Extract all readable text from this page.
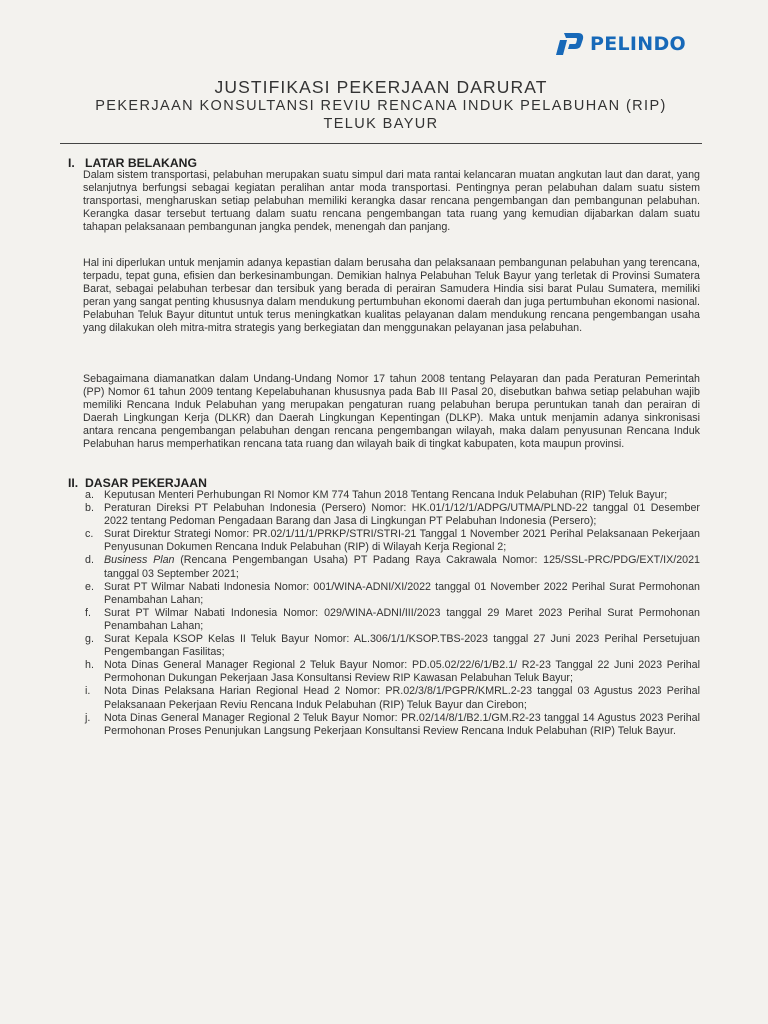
PELINDO
JUSTIFIKASI PEKERJAAN DARURAT
PEKERJAAN KONSULTANSI REVIU RENCANA INDUK PELABUHAN (RIP)
TELUK BAYUR
I. LATAR BELAKANG
Dalam sistem transportasi, pelabuhan merupakan suatu simpul dari mata rantai kelancaran muatan angkutan laut dan darat, yang selanjutnya berfungsi sebagai kegiatan peralihan antar moda transportasi. Pentingnya peran pelabuhan dalam suatu sistem transportasi, mengharuskan setiap pelabuhan memiliki kerangka dasar rencana pengembangan dan pembangunan pelabuhan. Kerangka dasar tersebut tertuang dalam suatu rencana pengembangan tata ruang yang kemudian dijabarkan dalam suatu tahapan pelaksanaan pembangunan jangka pendek, menengah dan panjang.
Hal ini diperlukan untuk menjamin adanya kepastian dalam berusaha dan pelaksanaan pembangunan pelabuhan yang terencana, terpadu, tepat guna, efisien dan berkesinambungan. Demikian halnya Pelabuhan Teluk Bayur yang terletak di Provinsi Sumatera Barat, sebagai pelabuhan terbesar dan tersibuk yang berada di perairan Samudera Hindia sisi barat Pulau Sumatera, memiliki peran yang sangat penting khususnya dalam mendukung pertumbuhan ekonomi daerah dan juga pertumbuhan ekonomi nasional. Pelabuhan Teluk Bayur dituntut untuk terus meningkatkan kualitas pelayanan dalam mendukung rencana pengembangan usaha yang dilakukan oleh mitra-mitra strategis yang berkegiatan dan menggunakan pelayanan jasa pelabuhan.
Sebagaimana diamanatkan dalam Undang-Undang Nomor 17 tahun 2008 tentang Pelayaran dan pada Peraturan Pemerintah (PP) Nomor 61 tahun 2009 tentang Kepelabuhanan khususnya pada Bab III Pasal 20, disebutkan bahwa setiap pelabuhan wajib memiliki Rencana Induk Pelabuhan yang merupakan pengaturan ruang pelabuhan berupa peruntukan tanah dan perairan di Daerah Lingkungan Kerja (DLKR) dan Daerah Lingkungan Kepentingan (DLKP). Maka untuk menjamin adanya sinkronisasi antara rencana pengembangan pelabuhan dengan rencana pengembangan wilayah, maka dalam penyusunan Rencana Induk Pelabuhan harus memperhatikan rencana tata ruang dan wilayah baik di tingkat kabupaten, kota maupun provinsi.
II. DASAR PEKERJAAN
a. Keputusan Menteri Perhubungan RI Nomor KM 774 Tahun 2018 Tentang Rencana Induk Pelabuhan (RIP) Teluk Bayur;
b. Peraturan Direksi PT Pelabuhan Indonesia (Persero) Nomor: HK.01/1/12/1/ADPG/UTMA/PLND-22 tanggal 01 Desember 2022 tentang Pedoman Pengadaan Barang dan Jasa di Lingkungan PT Pelabuhan Indonesia (Persero);
c. Surat Direktur Strategi Nomor: PR.02/1/11/1/PRKP/STRI/STRI-21 Tanggal 1 November 2021 Perihal Pelaksanaan Pekerjaan Penyusunan Dokumen Rencana Induk Pelabuhan (RIP) di Wilayah Kerja Regional 2;
d. Business Plan (Rencana Pengembangan Usaha) PT Padang Raya Cakrawala Nomor: 125/SSL-PRC/PDG/EXT/IX/2021 tanggal 03 September 2021;
e. Surat PT Wilmar Nabati Indonesia Nomor: 001/WINA-ADNI/XI/2022 tanggal 01 November 2022 Perihal Surat Permohonan Penambahan Lahan;
f. Surat PT Wilmar Nabati Indonesia Nomor: 029/WINA-ADNI/III/2023 tanggal 29 Maret 2023 Perihal Surat Permohonan Penambahan Lahan;
g. Surat Kepala KSOP Kelas II Teluk Bayur Nomor: AL.306/1/1/KSOP.TBS-2023 tanggal 27 Juni 2023 Perihal Persetujuan Pengembangan Fasilitas;
h. Nota Dinas General Manager Regional 2 Teluk Bayur Nomor: PD.05.02/22/6/1/B2.1/ R2-23 Tanggal 22 Juni 2023 Perihal Permohonan Dukungan Pekerjaan Jasa Konsultansi Review RIP Kawasan Pelabuhan Teluk Bayur;
i. Nota Dinas Pelaksana Harian Regional Head 2 Nomor: PR.02/3/8/1/PGPR/KMRL.2-23 tanggal 03 Agustus 2023 Perihal Pelaksanaan Pekerjaan Reviu Rencana Induk Pelabuhan (RIP) Teluk Bayur dan Cirebon;
j. Nota Dinas General Manager Regional 2 Teluk Bayur Nomor: PR.02/14/8/1/B2.1/GM.R2-23 tanggal 14 Agustus 2023 Perihal Permohonan Proses Penunjukan Langsung Pekerjaan Konsultansi Review Rencana Induk Pelabuhan (RIP) Teluk Bayur.
